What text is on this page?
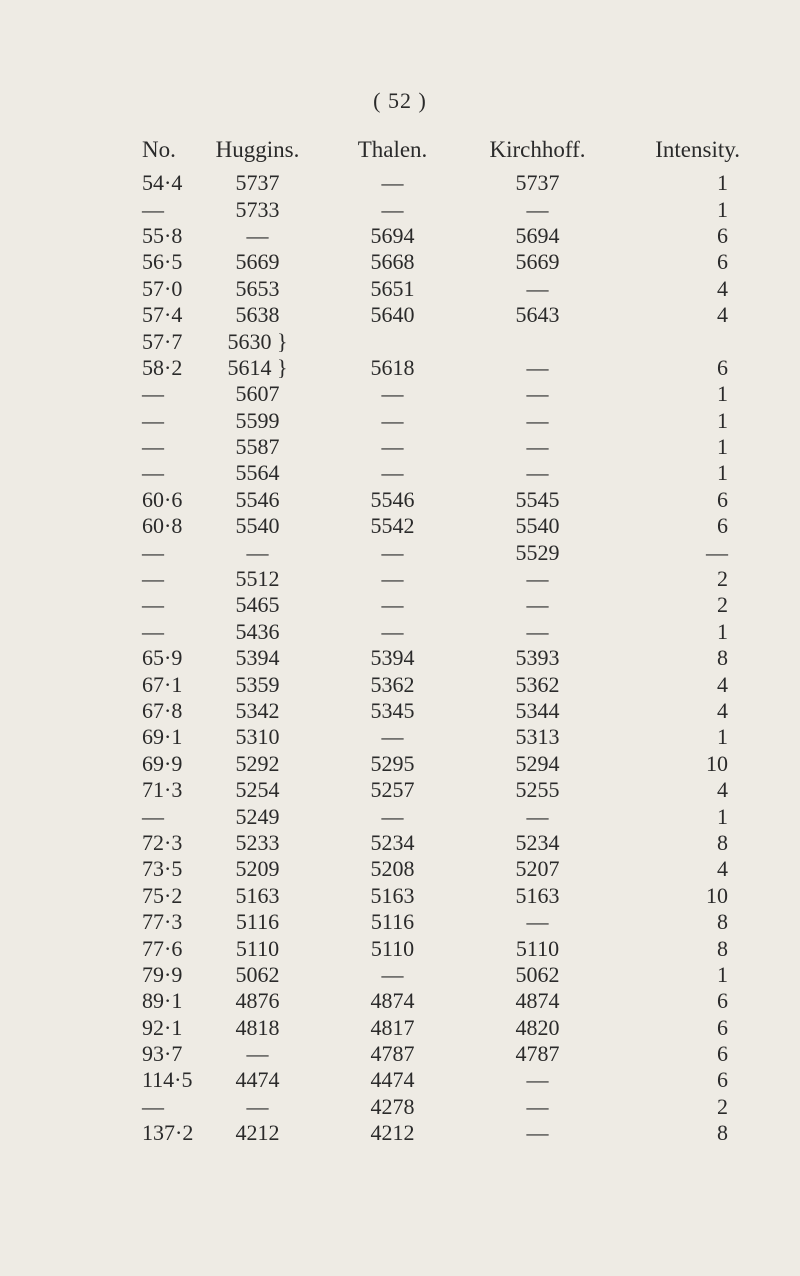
( 52 )
No.	Huggins.	Thalen.	Kirchhoff.	Intensity.
54·4	5737	—	5737	1
—	5733	—	—	1
55·8	—	5694	5694	6
56·5	5669	5668	5669	6
57·0	5653	5651	—	4
57·4	5638	5640	5643	4
57·7	5630 }			
58·2	5614 }	5618	—	6
—	5607	—	—	1
—	5599	—	—	1
—	5587	—	—	1
—	5564	—	—	1
60·6	5546	5546	5545	6
60·8	5540	5542	5540	6
—	—	—	5529	—
—	5512	—	—	2
—	5465	—	—	2
—	5436	—	—	1
65·9	5394	5394	5393	8
67·1	5359	5362	5362	4
67·8	5342	5345	5344	4
69·1	5310	—	5313	1
69·9	5292	5295	5294	10
71·3	5254	5257	5255	4
—	5249	—	—	1
72·3	5233	5234	5234	8
73·5	5209	5208	5207	4
75·2	5163	5163	5163	10
77·3	5116	5116	—	8
77·6	5110	5110	5110	8
79·9	5062	—	5062	1
89·1	4876	4874	4874	6
92·1	4818	4817	4820	6
93·7	—	4787	4787	6
114·5	4474	4474	—	6
—	—	4278	—	2
137·2	4212	4212	—	8
